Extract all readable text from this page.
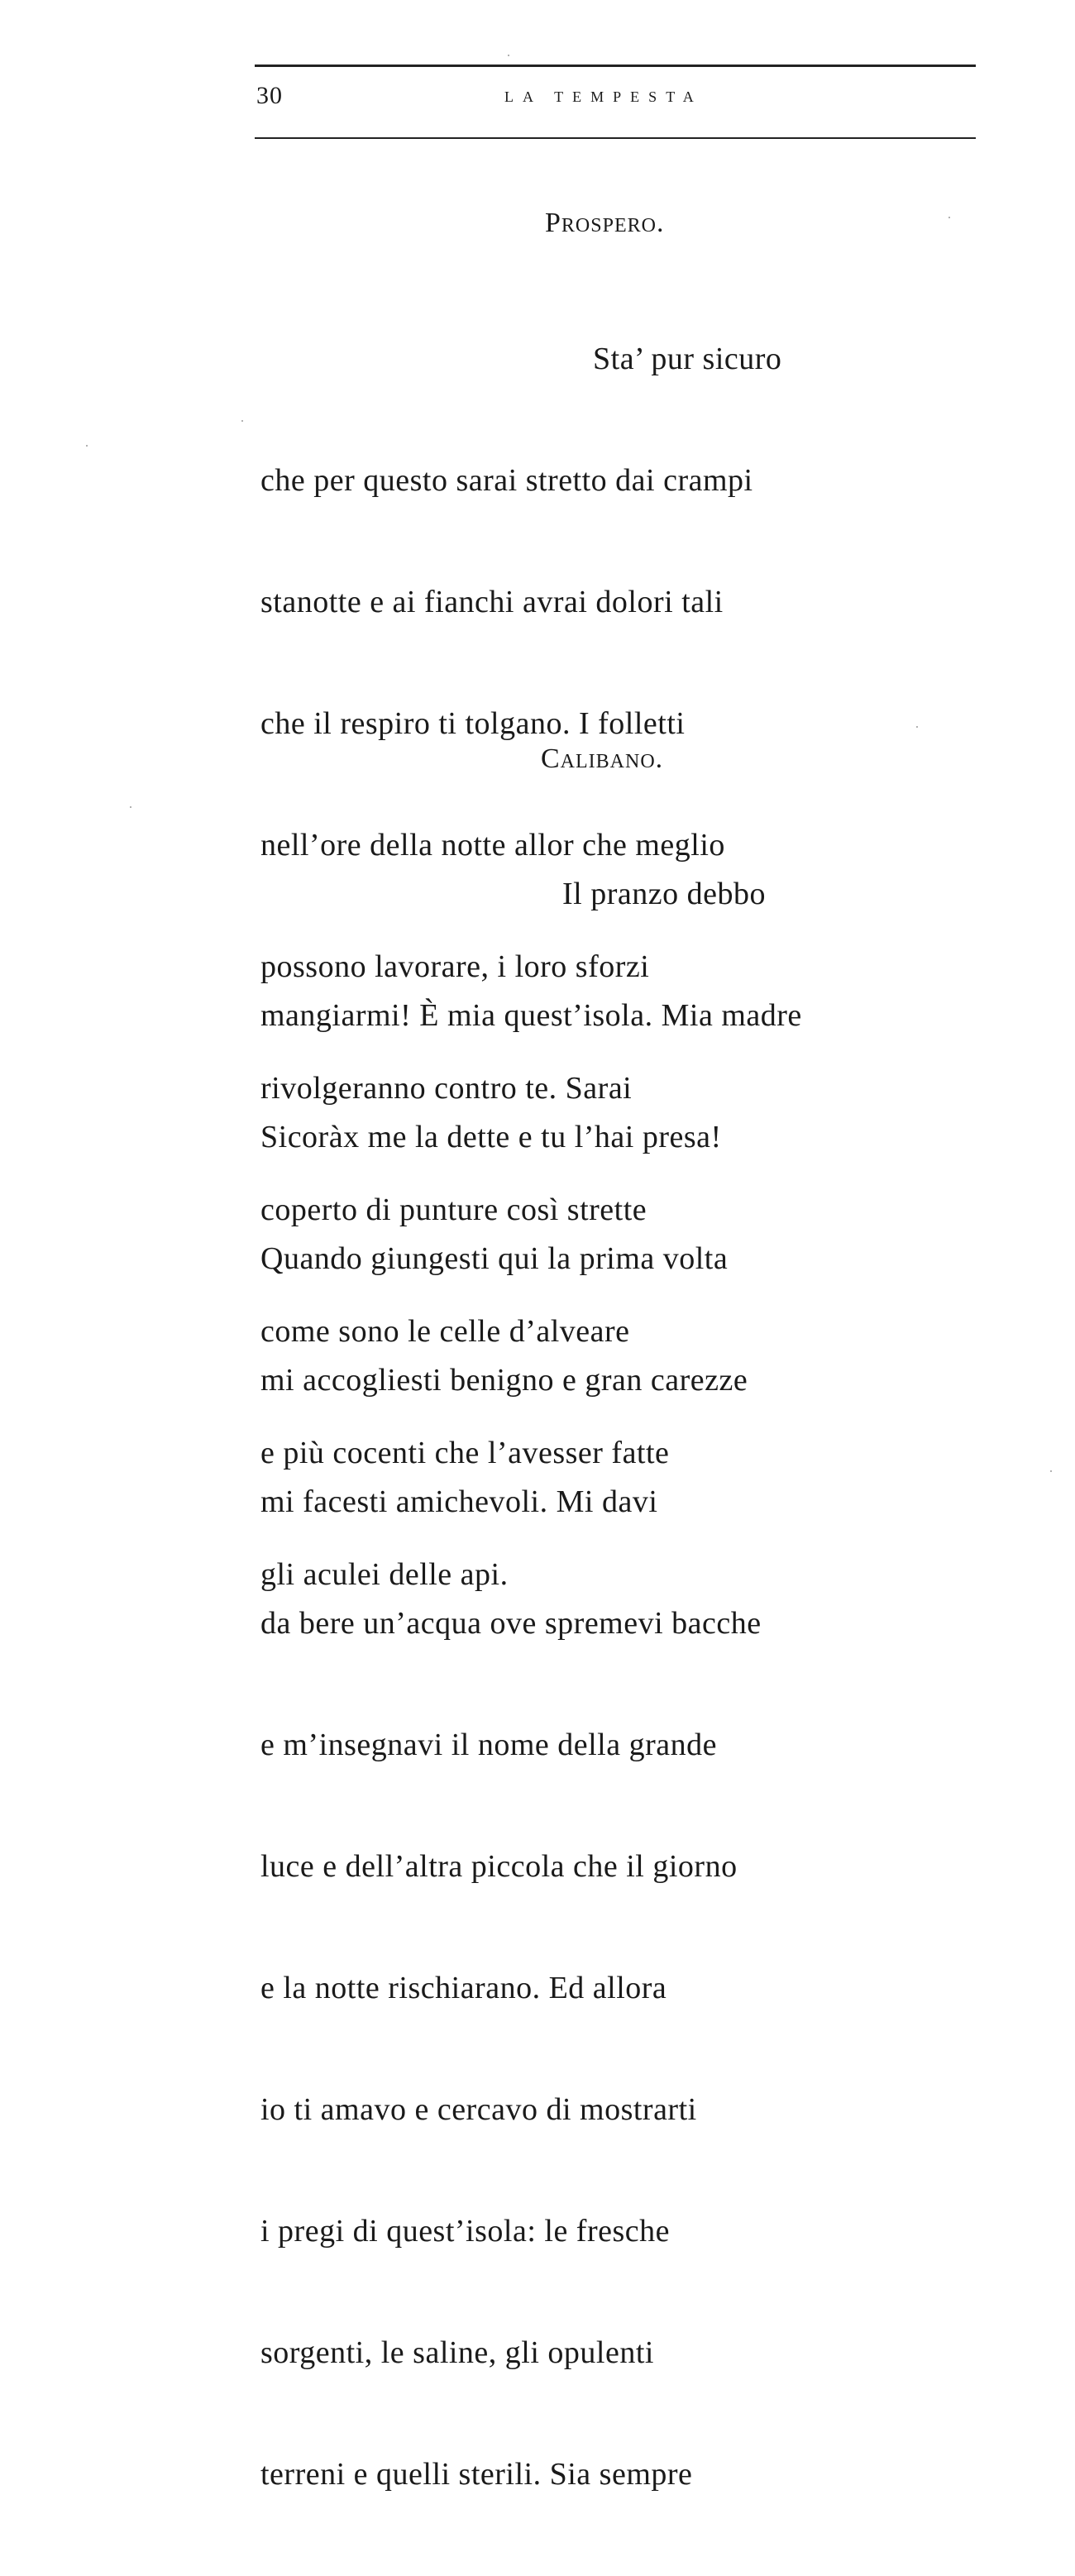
30	LA TEMPESTA
Prospero.

Sta’ pur sicuro

che per questo sarai stretto dai crampi

stanotte e ai fianchi avrai dolori tali

che il respiro ti tolgano. I folletti

nell’ore della notte allor che meglio

possono lavorare, i loro sforzi

rivolgeranno contro te. Sarai

coperto di punture così strette

come sono le celle d’alveare

e più cocenti che l’avesser fatte

gli aculei delle api.

Calibano.

Il pranzo debbo

mangiarmi! È mia quest’isola. Mia madre

Sicoràx me la dette e tu l’hai presa!

Quando giungesti qui la prima volta

mi accogliesti benigno e gran carezze

mi facesti amichevoli. Mi davi

da bere un’acqua ove spremevi bacche

e m’insegnavi il nome della grande

luce e dell’altra piccola che il giorno

e la notte rischiarano. Ed allora

io ti amavo e cercavo di mostrarti

i pregi di quest’isola: le fresche

sorgenti, le saline, gli opulenti

terreni e quelli sterili. Sia sempre
